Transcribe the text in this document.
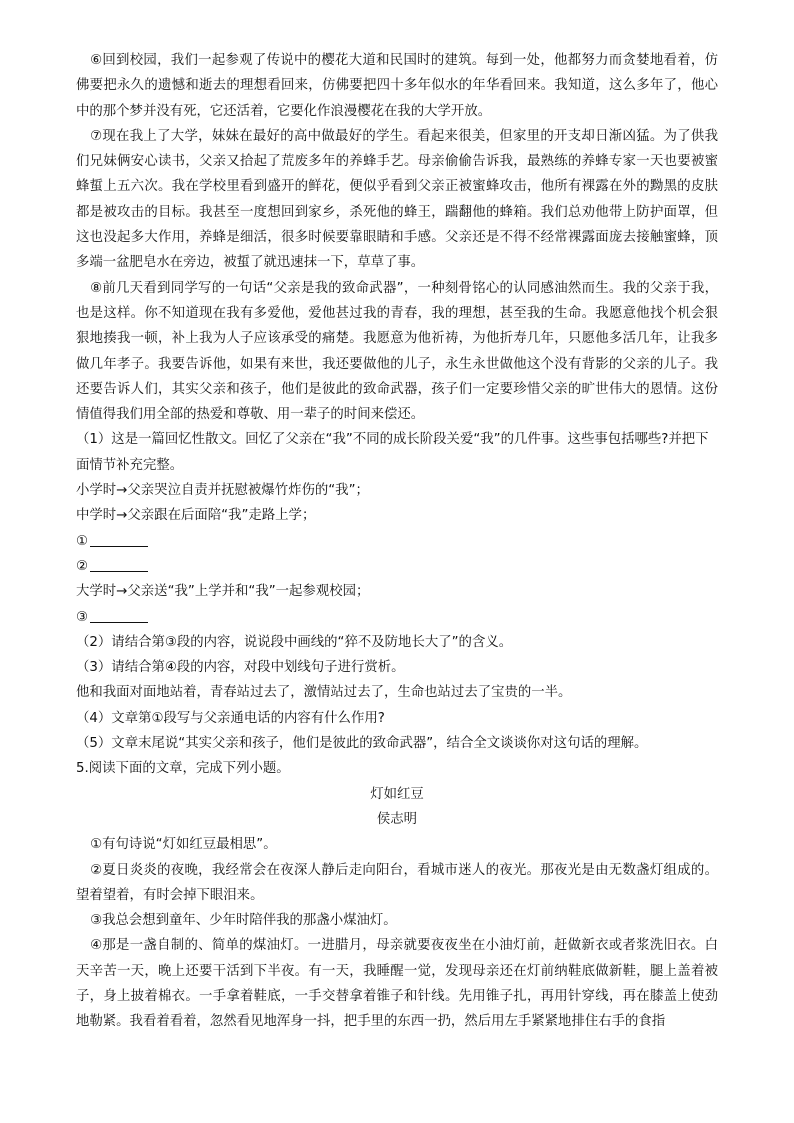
⑥回到校园，我们一起参观了传说中的樱花大道和民国时的建筑。每到一处，他都努力而贪婪地看着，仿佛要把永久的遗憾和逝去的理想看回来，仿佛要把四十多年似水的年华看回来。我知道，这么多年了，他心中的那个梦并没有死，它还活着，它要化作浪漫樱花在我的大学开放。

⑦现在我上了大学，妹妹在最好的高中做最好的学生。看起来很美，但家里的开支却日渐凶猛。为了供我们兄妹俩安心读书，父亲又拾起了荒废多年的养蜂手艺。母亲偷偷告诉我，最熟练的养蜂专家一天也要被蜜蜂蜇上五六次。我在学校里看到盛开的鲜花，便似乎看到父亲正被蜜蜂攻击，他所有裸露在外的黝黑的皮肤都是被攻击的目标。我甚至一度想回到家乡，杀死他的蜂王，踹翻他的蜂箱。我们总劝他带上防护面罩，但这也没起多大作用，养蜂是细活，很多时候要靠眼睛和手感。父亲还是不得不经常裸露面庞去接触蜜蜂，顶多端一盆肥皂水在旁边，被蜇了就迅速抹一下，草草了事。

⑧前几天看到同学写的一句话“父亲是我的致命武器”，一种刻骨铭心的认同感油然而生。我的父亲于我，也是这样。你不知道现在我有多爱他，爱他甚过我的青春，我的理想，甚至我的生命。我愿意他找个机会狠狠地揍我一顿，补上我为人子应该承受的痛楚。我愿意为他祈祷，为他折寿几年，只愿他多活几年，让我多做几年孝子。我要告诉他，如果有来世，我还要做他的儿子，永生永世做他这个没有背影的父亲的儿子。我还要告诉人们，其实父亲和孩子，他们是彼此的致命武器，孩子们一定要珍惜父亲的旷世伟大的恩情。这份情值得我们用全部的热爱和尊敬、用一辈子的时间来偿还。

（1）这是一篇回忆性散文。回忆了父亲在“我”不同的成长阶段关爱“我”的几件事。这些事包括哪些?并把下面情节补充完整。

小学时→父亲哭泣自责并抚慰被爆竹炸伤的“我”；

中学时→父亲跟在后面陪“我”走路上学；

①

②

大学时→父亲送“我”上学并和“我”一起参观校园；

③

（2）请结合第③段的内容，说说段中画线的“猝不及防地长大了”的含义。

（3）请结合第④段的内容，对段中划线句子进行赏析。

他和我面对面地站着，青春站过去了，激情站过去了，生命也站过去了宝贵的一半。

（4）文章第①段写与父亲通电话的内容有什么作用?

（5）文章末尾说“其实父亲和孩子，他们是彼此的致命武器”，结合全文谈谈你对这句话的理解。

5.阅读下面的文章，完成下列小题。

灯如红豆

侯志明

①有句诗说“灯如红豆最相思”。

②夏日炎炎的夜晚，我经常会在夜深人静后走向阳台，看城市迷人的夜光。那夜光是由无数盏灯组成的。望着望着，有时会掉下眼泪来。

③我总会想到童年、少年时陪伴我的那盏小煤油灯。

④那是一盏自制的、简单的煤油灯。一进腊月，母亲就要夜夜坐在小油灯前，赶做新衣或者浆洗旧衣。白天辛苦一天，晚上还要干活到下半夜。有一天，我睡醒一觉，发现母亲还在灯前纳鞋底做新鞋，腿上盖着被子，身上披着棉衣。一手拿着鞋底，一手交替拿着锥子和针线。先用锥子扎，再用针穿线，再在膝盖上使劲地勒紧。我看着看着，忽然看见地浑身一抖，把手里的东西一扔，然后用左手紧紧地排住右手的食指
